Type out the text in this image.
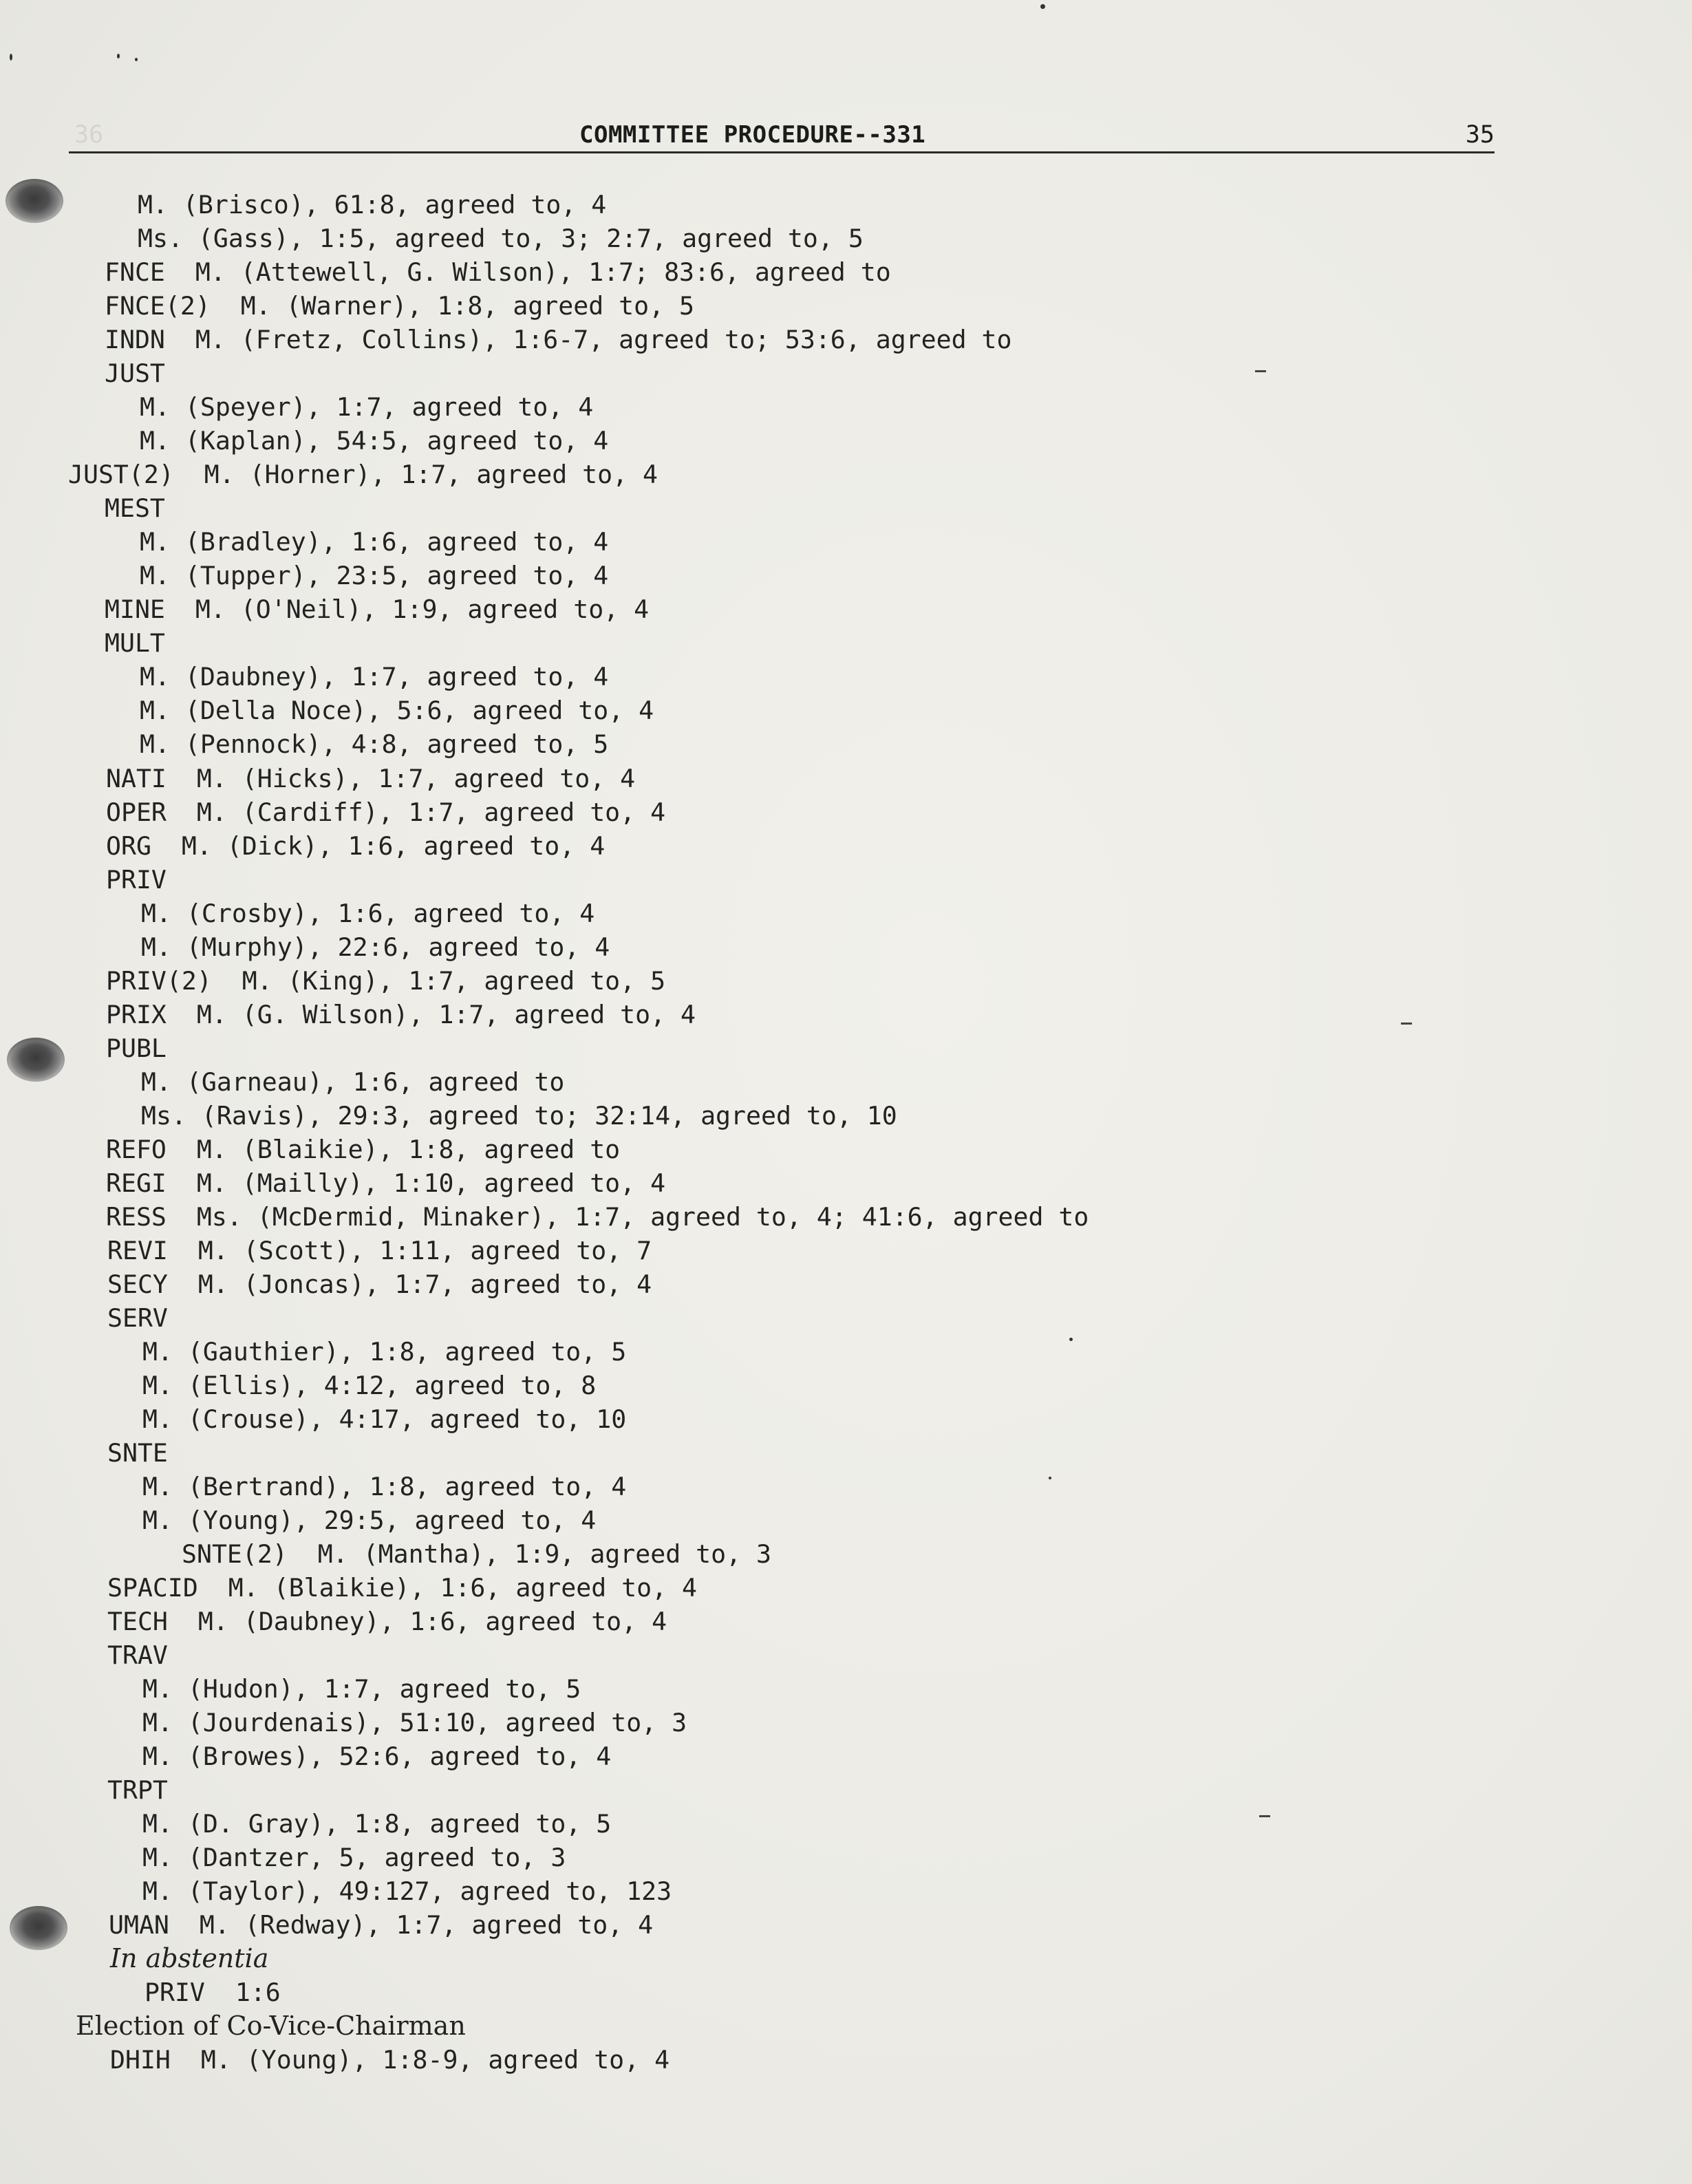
36	COMMITTEE PROCEDURE--331	35
M. (Brisco), 61:8, agreed to, 4
Ms. (Gass), 1:5, agreed to, 3; 2:7, agreed to, 5
FNCE  M. (Attewell, G. Wilson), 1:7; 83:6, agreed to
FNCE(2)  M. (Warner), 1:8, agreed to, 5
INDN  M. (Fretz, Collins), 1:6-7, agreed to; 53:6, agreed to
JUST
M. (Speyer), 1:7, agreed to, 4
M. (Kaplan), 54:5, agreed to, 4
JUST(2)  M. (Horner), 1:7, agreed to, 4
MEST
M. (Bradley), 1:6, agreed to, 4
M. (Tupper), 23:5, agreed to, 4
MINE  M. (O'Neil), 1:9, agreed to, 4
MULT
M. (Daubney), 1:7, agreed to, 4
M. (Della Noce), 5:6, agreed to, 4
M. (Pennock), 4:8, agreed to, 5
NATI  M. (Hicks), 1:7, agreed to, 4
OPER  M. (Cardiff), 1:7, agreed to, 4
ORG  M. (Dick), 1:6, agreed to, 4
PRIV
M. (Crosby), 1:6, agreed to, 4
M. (Murphy), 22:6, agreed to, 4
PRIV(2)  M. (King), 1:7, agreed to, 5
PRIX  M. (G. Wilson), 1:7, agreed to, 4
PUBL
M. (Garneau), 1:6, agreed to
Ms. (Ravis), 29:3, agreed to; 32:14, agreed to, 10
REFO  M. (Blaikie), 1:8, agreed to
REGI  M. (Mailly), 1:10, agreed to, 4
RESS  Ms. (McDermid, Minaker), 1:7, agreed to, 4; 41:6, agreed to
REVI  M. (Scott), 1:11, agreed to, 7
SECY  M. (Joncas), 1:7, agreed to, 4
SERV
M. (Gauthier), 1:8, agreed to, 5
M. (Ellis), 4:12, agreed to, 8
M. (Crouse), 4:17, agreed to, 10
SNTE
M. (Bertrand), 1:8, agreed to, 4
M. (Young), 29:5, agreed to, 4
SNTE(2)  M. (Mantha), 1:9, agreed to, 3
SPACID  M. (Blaikie), 1:6, agreed to, 4
TECH  M. (Daubney), 1:6, agreed to, 4
TRAV
M. (Hudon), 1:7, agreed to, 5
M. (Jourdenais), 51:10, agreed to, 3
M. (Browes), 52:6, agreed to, 4
TRPT
M. (D. Gray), 1:8, agreed to, 5
M. (Dantzer, 5, agreed to, 3
M. (Taylor), 49:127, agreed to, 123
UMAN  M. (Redway), 1:7, agreed to, 4
In abstentia
PRIV  1:6
Election of Co-Vice-Chairman
DHIH  M. (Young), 1:8-9, agreed to, 4
